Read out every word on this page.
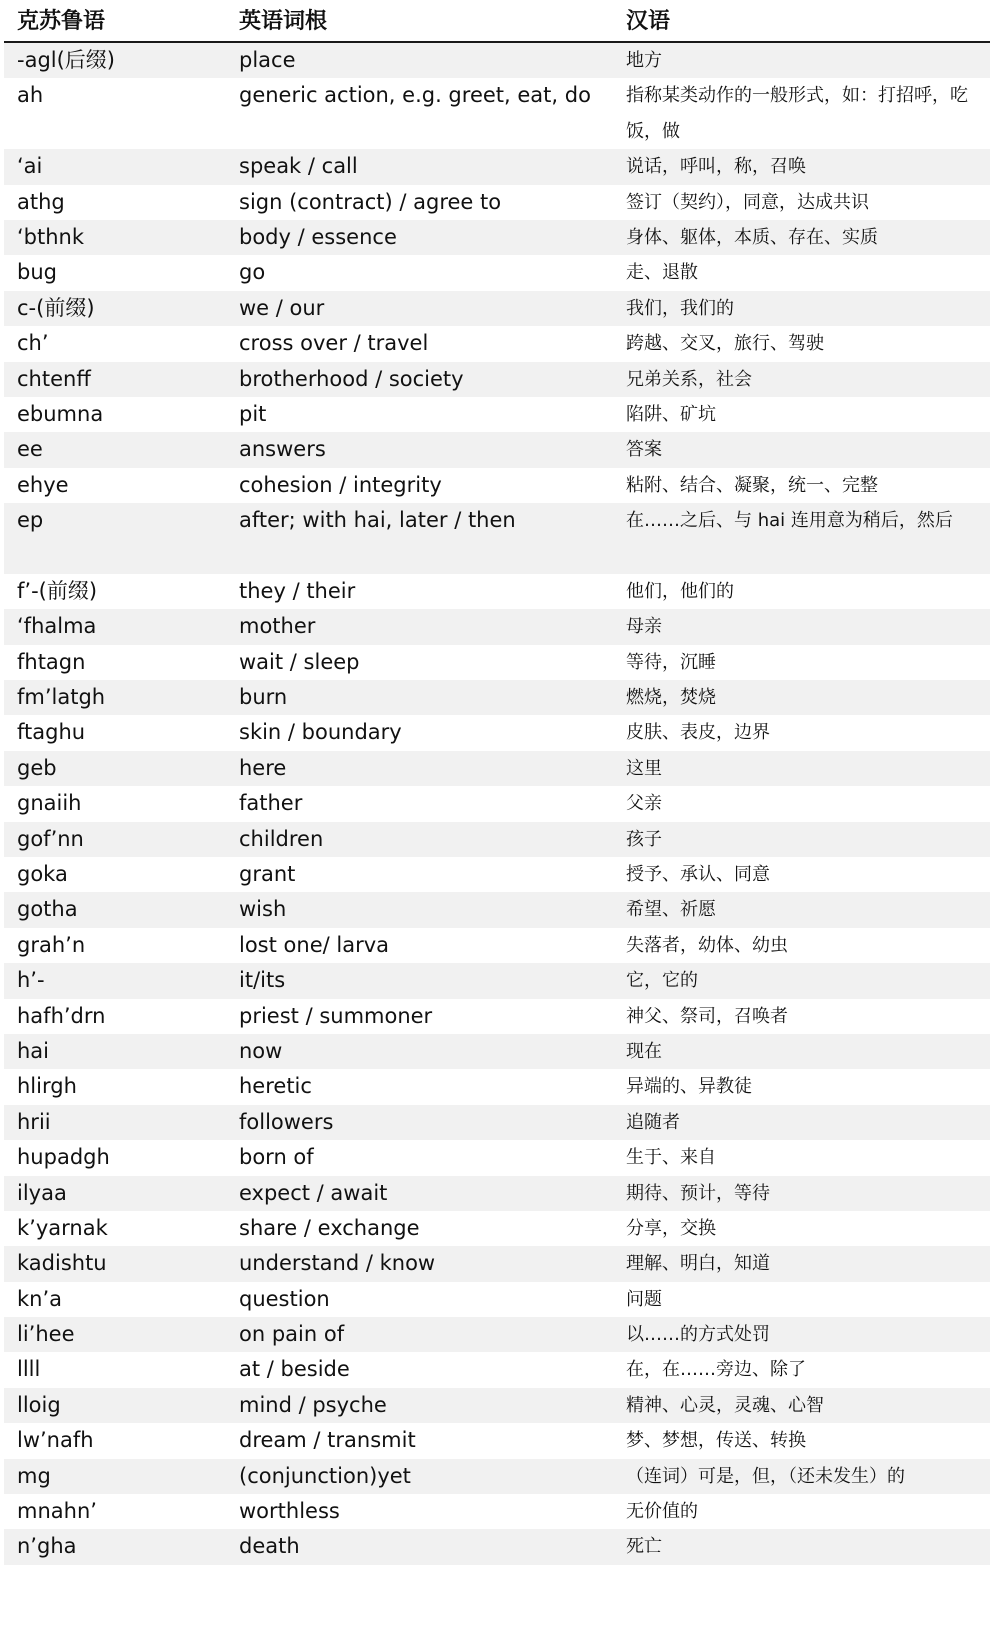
克苏鲁语	英语词根	汉语
-agl(后缀)	place	地方
ah	generic action, e.g. greet, eat, do	指称某类动作的一般形式，如：打招呼，吃饭，做
‘ai	speak / call	说话，呼叫，称，召唤
athg	sign (contract) / agree to	签订（契约），同意，达成共识
‘bthnk	body / essence	身体、躯体，本质、存在、实质
bug	go	走、退散
c-(前缀)	we / our	我们，我们的
ch’	cross over / travel	跨越、交叉，旅行、驾驶
chtenff	brotherhood / society	兄弟关系，社会
ebumna	pit	陷阱、矿坑
ee	answers	答案
ehye	cohesion / integrity	粘附、结合、凝聚，统一、完整
ep	after; with hai, later / then	在……之后、与 hai 连用意为稍后，然后
f’-(前缀)	they / their	他们，他们的
‘fhalma	mother	母亲
fhtagn	wait / sleep	等待，沉睡
fm’latgh	burn	燃烧，焚烧
ftaghu	skin / boundary	皮肤、表皮，边界
geb	here	这里
gnaiih	father	父亲
gof’nn	children	孩子
goka	grant	授予、承认、同意
gotha	wish	希望、祈愿
grah’n	lost one/ larva	失落者，幼体、幼虫
h’-	it/its	它，它的
hafh’drn	priest / summoner	神父、祭司，召唤者
hai	now	现在
hlirgh	heretic	异端的、异教徒
hrii	followers	追随者
hupadgh	born of	生于、来自
ilyaa	expect / await	期待、预计，等待
k’yarnak	share / exchange	分享，交换
kadishtu	understand / know	理解、明白，知道
kn’a	question	问题
li’hee	on pain of	以……的方式处罚
llll	at / beside	在，在……旁边、除了
lloig	mind / psyche	精神、心灵，灵魂、心智
lw’nafh	dream / transmit	梦、梦想，传送、转换
mg	(conjunction)yet	（连词）可是，但，（还未发生）的
mnahn’	worthless	无价值的
n’gha	death	死亡
